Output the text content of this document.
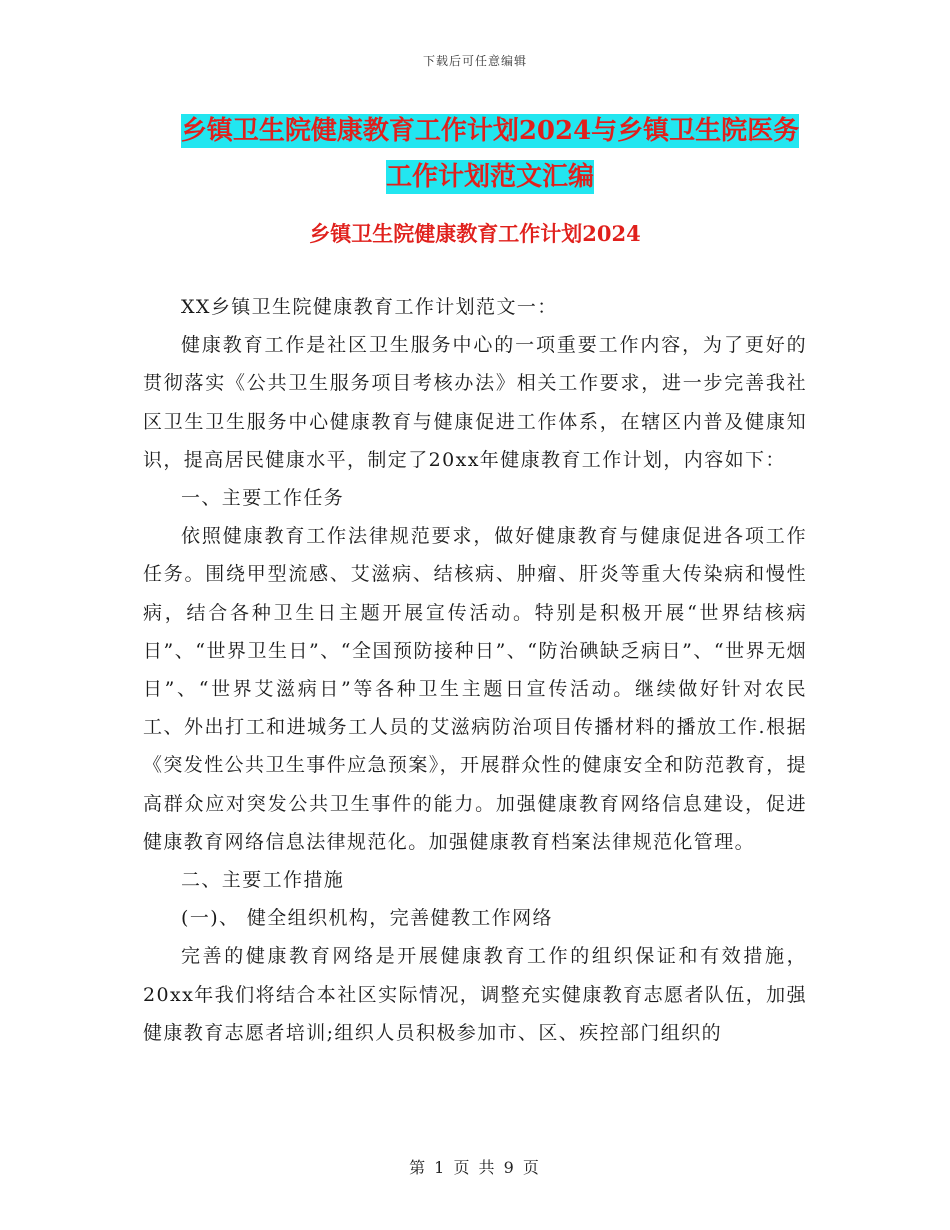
下载后可任意编辑
乡镇卫生院健康教育工作计划2024与乡镇卫生院医务
工作计划范文汇编
乡镇卫生院健康教育工作计划2024

XX乡镇卫生院健康教育工作计划范文一：

健康教育工作是社区卫生服务中心的一项重要工作内容，为了更好的贯彻落实《公共卫生服务项目考核办法》相关工作要求，进一步完善我社区卫生卫生服务中心健康教育与健康促进工作体系，在辖区内普及健康知识，提高居民健康水平，制定了20xx年健康教育工作计划，内容如下：

一、主要工作任务

依照健康教育工作法律规范要求，做好健康教育与健康促进各项工作任务。围绕甲型流感、艾滋病、结核病、肿瘤、肝炎等重大传染病和慢性病，结合各种卫生日主题开展宣传活动。特别是积极开展“世界结核病日”、“世界卫生日”、“全国预防接种日”、“防治碘缺乏病日”、“世界无烟日”、“世界艾滋病日”等各种卫生主题日宣传活动。继续做好针对农民工、外出打工和进城务工人员的艾滋病防治项目传播材料的播放工作.根据《突发性公共卫生事件应急预案》，开展群众性的健康安全和防范教育，提高群众应对突发公共卫生事件的能力。加强健康教育网络信息建设，促进健康教育网络信息法律规范化。加强健康教育档案法律规范化管理。

二、主要工作措施

(一)、 健全组织机构，完善健教工作网络

完善的健康教育网络是开展健康教育工作的组织保证和有效措施，20xx年我们将结合本社区实际情况，调整充实健康教育志愿者队伍，加强健康教育志愿者培训;组织人员积极参加市、区、疾控部门组织的

第 1 页 共 9 页
